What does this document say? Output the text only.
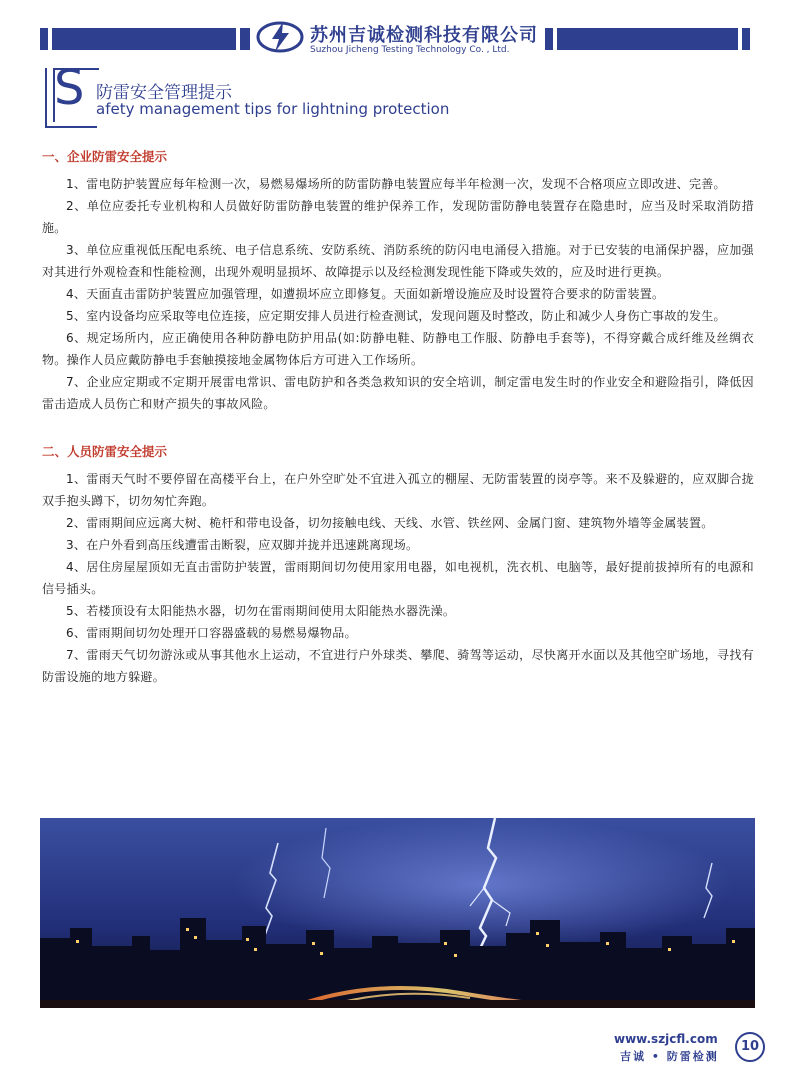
苏州吉诚检测科技有限公司
Suzhou Jicheng Testing Technology Co. , Ltd.
S 防雷安全管理提示
afety management tips for lightning protection
一、企业防雷安全提示

1、雷电防护装置应每年检测一次，易燃易爆场所的防雷防静电装置应每半年检测一次，发现不合格项应立即改进、完善。

2、单位应委托专业机构和人员做好防雷防静电装置的维护保养工作，发现防雷防静电装置存在隐患时，应当及时采取消防措施。

3、单位应重视低压配电系统、电子信息系统、安防系统、消防系统的防闪电电涌侵入措施。对于已安装的电涌保护器，应加强对其进行外观检查和性能检测，出现外观明显损坏、故障提示以及经检测发现性能下降或失效的，应及时进行更换。

4、天面直击雷防护装置应加强管理，如遭损坏应立即修复。天面如新增设施应及时设置符合要求的防雷装置。

5、室内设备均应采取等电位连接，应定期安排人员进行检查测试，发现问题及时整改，防止和减少人身伤亡事故的发生。

6、规定场所内，应正确使用各种防静电防护用品(如:防静电鞋、防静电工作服、防静电手套等)，不得穿戴合成纤维及丝绸衣物。操作人员应戴防静电手套触摸接地金属物体后方可进入工作场所。

7、企业应定期或不定期开展雷电常识、雷电防护和各类急救知识的安全培训，制定雷电发生时的作业安全和避险指引，降低因雷击造成人员伤亡和财产损失的事故风险。

二、人员防雷安全提示

1、雷雨天气时不要停留在高楼平台上，在户外空旷处不宜进入孤立的棚屋、无防雷装置的岗亭等。来不及躲避的，应双脚合拢双手抱头蹲下，切勿匆忙奔跑。

2、雷雨期间应远离大树、桅杆和带电设备，切勿接触电线、天线、水管、铁丝网、金属门窗、建筑物外墙等金属装置。

3、在户外看到高压线遭雷击断裂，应双脚并拢并迅速跳离现场。

4、居住房屋屋顶如无直击雷防护装置，雷雨期间切勿使用家用电器，如电视机，洗衣机、电脑等，最好提前拔掉所有的电源和信号插头。

5、若楼顶设有太阳能热水器，切勿在雷雨期间使用太阳能热水器洗澡。

6、雷雨期间切勿处理开口容器盛载的易燃易爆物品。

7、雷雨天气切勿游泳或从事其他水上运动，不宜进行户外球类、攀爬、骑驾等运动，尽快离开水面以及其他空旷场地，寻找有防雷设施的地方躲避。

www.szjcfl.com
吉诚 • 防雷检测
10
